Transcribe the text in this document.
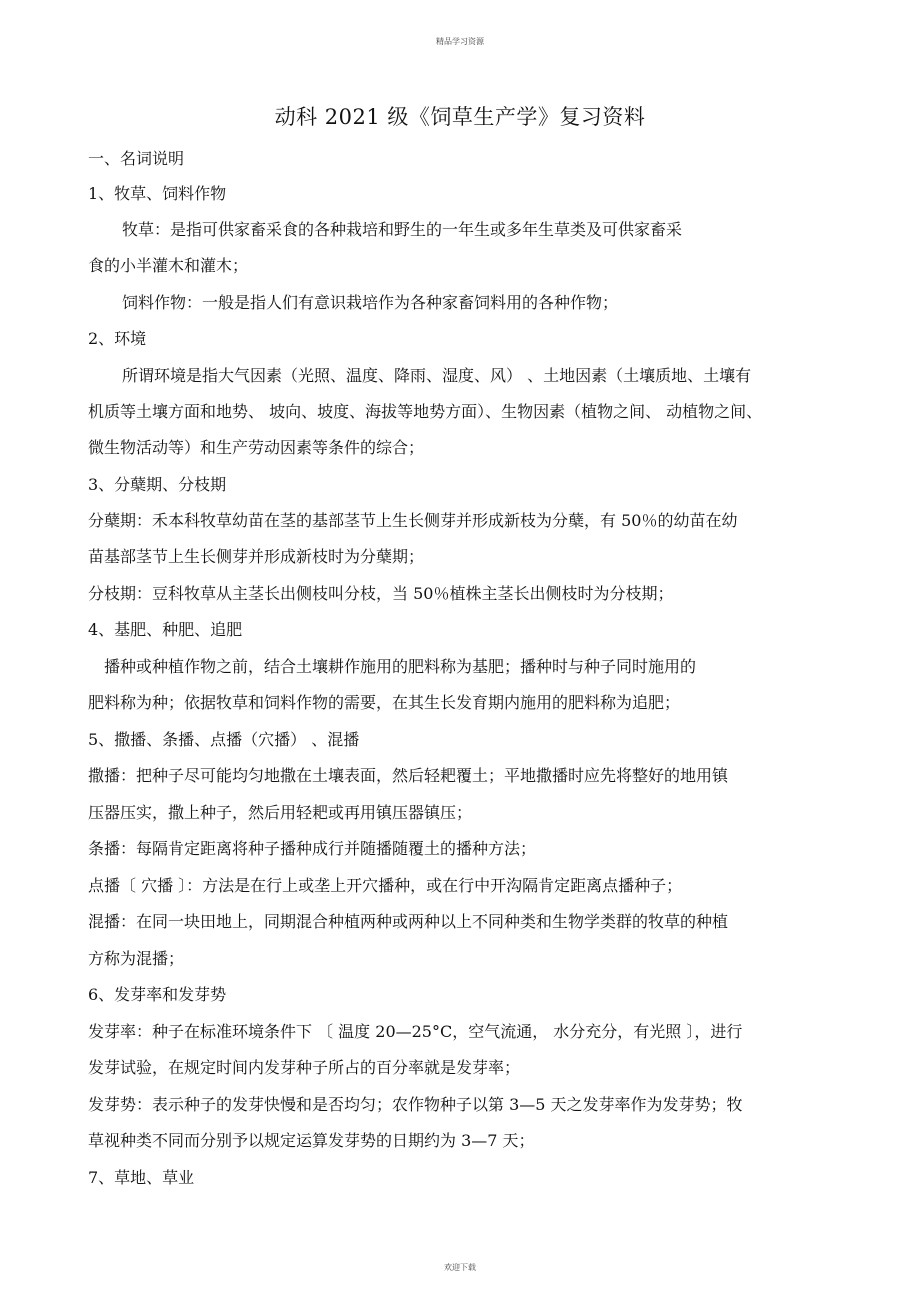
精品学习资源
动科 2021 级《饲草生产学》复习资料

一、名词说明

1、牧草、饲料作物

牧草：是指可供家畜采食的各种栽培和野生的一年生或多年生草类及可供家畜采

食的小半灌木和灌木；

饲料作物：一般是指人们有意识栽培作为各种家畜饲料用的各种作物；

2、环境

所谓环境是指大气因素（光照、温度、降雨、湿度、风） 、土地因素（土壤质地、土壤有

机质等土壤方面和地势、 坡向、坡度、海拔等地势方面）、生物因素（植物之间、 动植物之间、

微生物活动等）和生产劳动因素等条件的综合；

3、分蘖期、分枝期

分蘖期：禾本科牧草幼苗在茎的基部茎节上生长侧芽并形成新枝为分蘖，有 50％的幼苗在幼

苗基部茎节上生长侧芽并形成新枝时为分蘖期；

分枝期：豆科牧草从主茎长出侧枝叫分枝，当 50％植株主茎长出侧枝时为分枝期；

4、基肥、种肥、追肥

播种或种植作物之前，结合土壤耕作施用的肥料称为基肥；播种时与种子同时施用的

肥料称为种；依据牧草和饲料作物的需要，在其生长发育期内施用的肥料称为追肥；

5、撒播、条播、点播（穴播） 、混播

撒播：把种子尽可能均匀地撒在土壤表面，然后轻耙覆土；平地撒播时应先将整好的地用镇

压器压实，撒上种子，然后用轻耙或再用镇压器镇压；

条播：每隔肯定距离将种子播种成行并随播随覆土的播种方法；

点播〔 穴播 〕：方法是在行上或垄上开穴播种，或在行中开沟隔肯定距离点播种子；

混播：在同一块田地上，同期混合种植两种或两种以上不同种类和生物学类群的牧草的种植

方称为混播；

6、发芽率和发芽势

发芽率：种子在标准环境条件下 〔 温度 20—25°C，空气流通， 水分充分，有光照 〕，进行

发芽试验，在规定时间内发芽种子所占的百分率就是发芽率；

发芽势：表示种子的发芽快慢和是否均匀；农作物种子以第 3—5 天之发芽率作为发芽势；牧

草视种类不同而分别予以规定运算发芽势的日期约为 3—7 天；

7、草地、草业

欢迎下载
